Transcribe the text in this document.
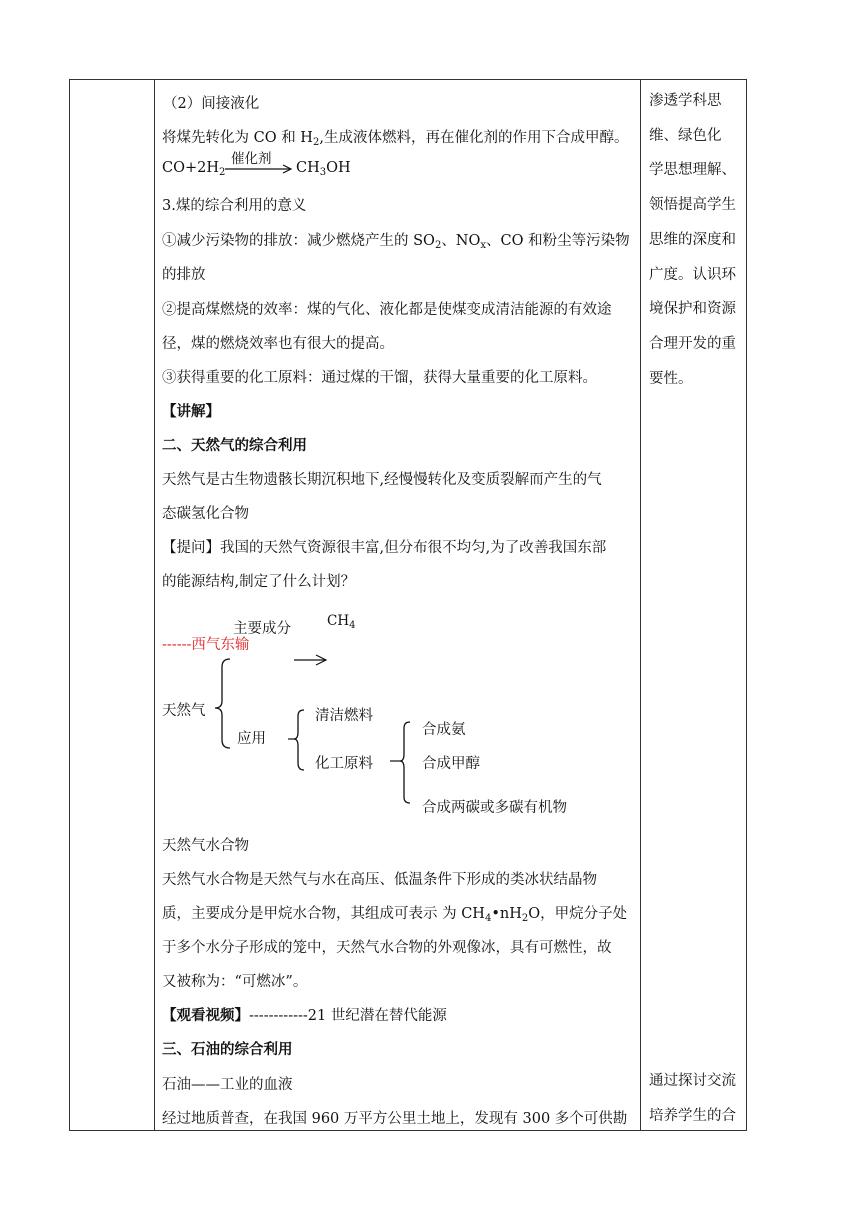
（2）间接液化
将煤先转化为 CO 和 $H_2$,生成液体燃料，再在催化剂的作用下合成甲醇。
$CO+2H_2$
催化剂
$CH_3OH$
3.煤的综合利用的意义
①减少污染物的排放：减少燃烧产生的 $SO_2$、$NO_x$、CO 和粉尘等污染物
的排放
②提高煤燃烧的效率：煤的气化、液化都是使煤变成清洁能源的有效途
径，煤的燃烧效率也有很大的提高。
③获得重要的化工原料：通过煤的干馏，获得大量重要的化工原料。
【讲解】
二、天然气的综合利用
天然气是古生物遗骸长期沉积地下,经慢慢转化及变质裂解而产生的气
态碳氢化合物
【提问】我国的天然气资源很丰富,但分布很不均匀,为了改善我国东部
的能源结构,制定了什么计划？
主要成分	$CH_4$
------西气东输
天然气
应用
清洁燃料
化工原料
合成氨
合成甲醇
合成两碳或多碳有机物
天然气水合物
天然气水合物是天然气与水在高压、低温条件下形成的类冰状结晶物
质，主要成分是甲烷水合物，其组成可表示 为 $CH_4•nH_2O$，甲烷分子处
于多个水分子形成的笼中，天然气水合物的外观像冰，具有可燃性，故
又被称为：“可燃冰”。
【观看视频】------------21 世纪潜在替代能源
三、石油的综合利用
石油——工业的血液
经过地质普查，在我国 960 万平方公里土地上，发现有 300 多个可供勘
渗透学科思
维、绿色化
学思想理解、
领悟提高学生
思维的深度和
广度。认识环
境保护和资源
合理开发的重
要性。
通过探讨交流
培养学生的合
